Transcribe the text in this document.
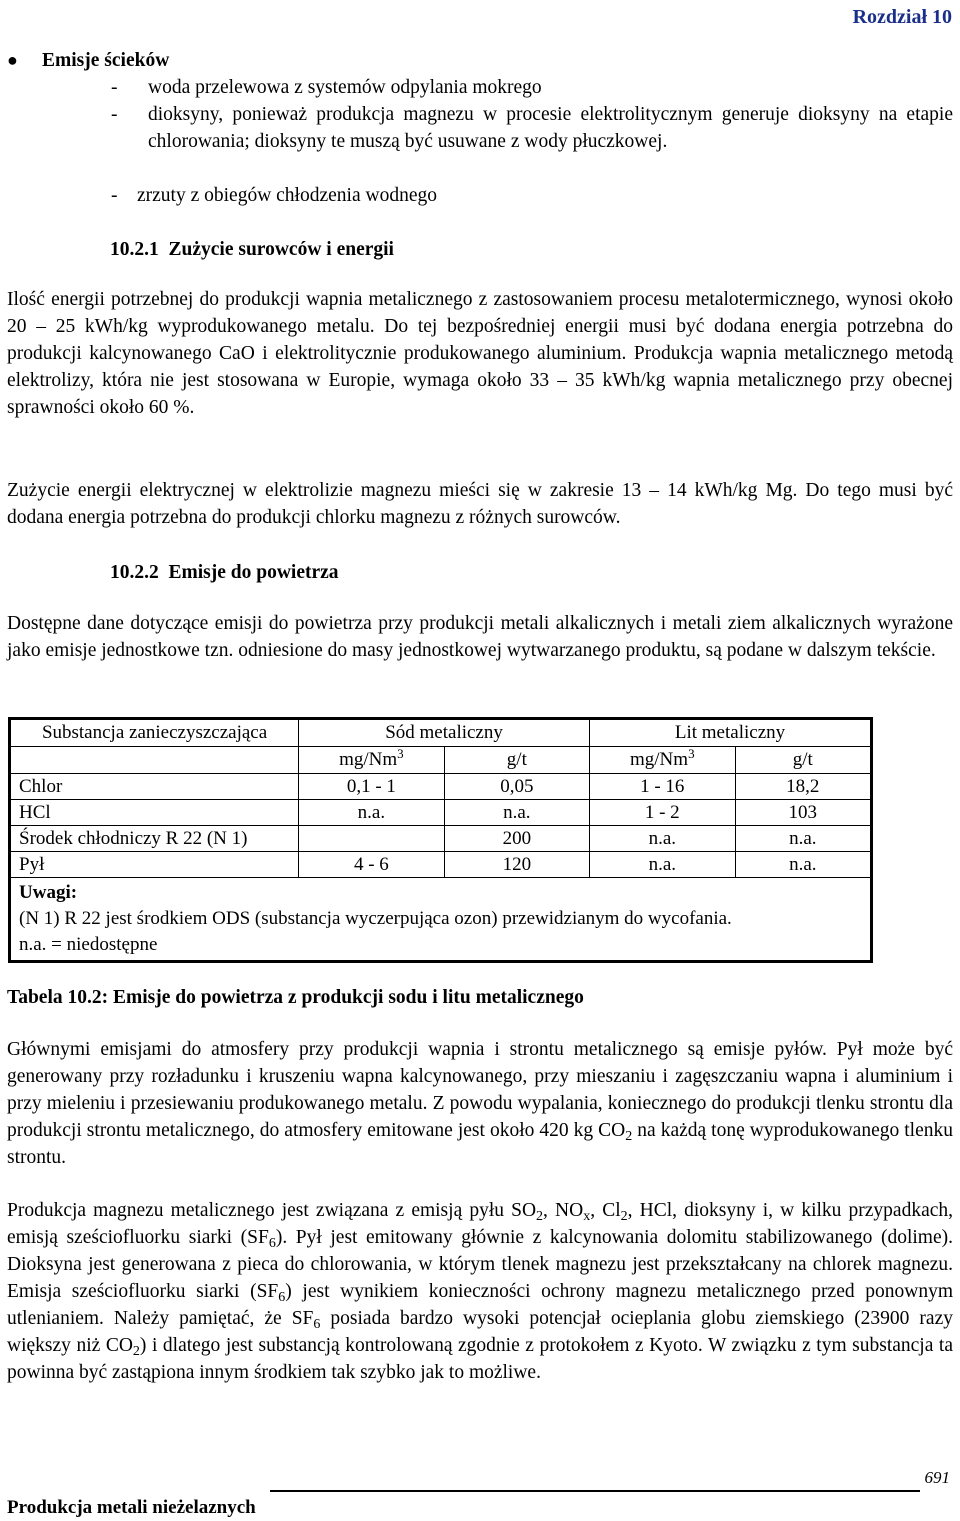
Rozdział 10
● Emisje ścieków
- woda przelewowa z systemów odpylania mokrego
- dioksyny, ponieważ produkcja magnezu w procesie elektrolitycznym generuje dioksyny na etapie chlorowania; dioksyny te muszą być usuwane z wody płuczkowej.
- zrzuty z obiegów chłodzenia wodnego
10.2.1 Zużycie surowców i energii

Ilość energii potrzebnej do produkcji wapnia metalicznego z zastosowaniem procesu metalotermicznego, wynosi około 20 – 25 kWh/kg wyprodukowanego metalu. Do tej bezpośredniej energii musi być dodana energia potrzebna do produkcji kalcynowanego CaO i elektrolitycznie produkowanego aluminium. Produkcja wapnia metalicznego metodą elektrolizy, która nie jest stosowana w Europie, wymaga około 33 – 35 kWh/kg wapnia metalicznego przy obecnej sprawności około 60 %.

Zużycie energii elektrycznej w elektrolizie magnezu mieści się w zakresie 13 – 14 kWh/kg Mg. Do tego musi być dodana energia potrzebna do produkcji chlorku magnezu z różnych surowców.

10.2.2 Emisje do powietrza

Dostępne dane dotyczące emisji do powietrza przy produkcji metali alkalicznych i metali ziem alkalicznych wyrażone jako emisje jednostkowe tzn. odniesione do masy jednostkowej wytwarzanego produktu, są podane w dalszym tekście.

Substancja zanieczyszczająca	Sód metaliczny		Lit metaliczny	
	mg/Nm$^3$	g/t	mg/Nm$^3$	g/t
Chlor	0,1 - 1	0,05	1 - 16	18,2
HCl	n.a.	n.a.	1 - 2	103
Środek chłodniczy R 22 (N 1)		200	n.a.	n.a.
Pył	4 - 6	120	n.a.	n.a.

Uwagi:
(N 1) R 22 jest środkiem ODS (substancja wyczerpująca ozon) przewidzianym do wycofania.
n.a. = niedostępne				
Tabela 10.2: Emisje do powietrza z produkcji sodu i litu metalicznego

Głównymi emisjami do atmosfery przy produkcji wapnia i strontu metalicznego są emisje pyłów. Pył może być generowany przy rozładunku i kruszeniu wapna kalcynowanego, przy mieszaniu i zagęszczaniu wapna i aluminium i przy mieleniu i przesiewaniu produkowanego metalu. Z powodu wypalania, koniecznego do produkcji tlenku strontu dla produkcji strontu metalicznego, do atmosfery emitowane jest około 420 kg $CO_2$ na każdą tonę wyprodukowanego tlenku strontu.

Produkcja magnezu metalicznego jest związana z emisją pyłu $SO_2$, $NO_x$, $Cl_2$, HCl, dioksyny i, w kilku przypadkach, emisją sześciofluorku siarki $(SF_6)$. Pył jest emitowany głównie z kalcynowania dolomitu stabilizowanego (dolime). Dioksyna jest generowana z pieca do chlorowania, w którym tlenek magnezu jest przekształcany na chlorek magnezu. Emisja sześciofluorku siarki $(SF_6)$ jest wynikiem konieczności ochrony magnezu metalicznego przed ponownym utlenianiem. Należy pamiętać, że $SF_6$ posiada bardzo wysoki potencjał ocieplania globu ziemskiego (23900 razy większy niż $CO_2$) i dlatego jest substancją kontrolowaną zgodnie z protokołem z Kyoto. W związku z tym substancja ta powinna być zastąpiona innym środkiem tak szybko jak to możliwe.

691
Produkcja metali nieżelaznych
